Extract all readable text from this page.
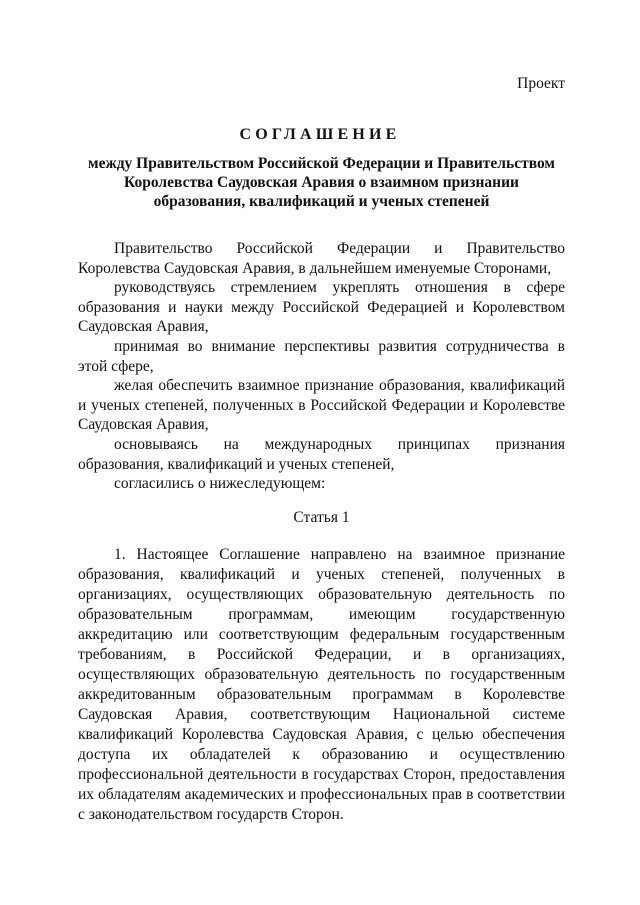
Проект
СОГЛАШЕНИЕ
между Правительством Российской Федерации и Правительством Королевства Саудовская Аравия о взаимном признании образования, квалификаций и ученых степеней

Правительство Российской Федерации и Правительство Королевства Саудовская Аравия, в дальнейшем именуемые Сторонами,

руководствуясь стремлением укреплять отношения в сфере образования и науки между Российской Федерацией и Королевством Саудовская Аравия,

принимая во внимание перспективы развития сотрудничества в этой сфере,

желая обеспечить взаимное признание образования, квалификаций и ученых степеней, полученных в Российской Федерации и Королевстве Саудовская Аравия,

основываясь на международных принципах признания образования, квалификаций и ученых степеней,

согласились о нижеследующем:

Статья 1

1. Настоящее Соглашение направлено на взаимное признание образования, квалификаций и ученых степеней, полученных в организациях, осуществляющих образовательную деятельность по образовательным программам, имеющим государственную аккредитацию или соответствующим федеральным государственным требованиям, в Российской Федерации, и в организациях, осуществляющих образовательную деятельность по государственным аккредитованным образовательным программам в Королевстве Саудовская Аравия, соответствующим Национальной системе квалификаций Королевства Саудовская Аравия, с целью обеспечения доступа их обладателей к образованию и осуществлению профессиональной деятельности в государствах Сторон, предоставления их обладателям академических и профессиональных прав в соответствии с законодательством государств Сторон.
